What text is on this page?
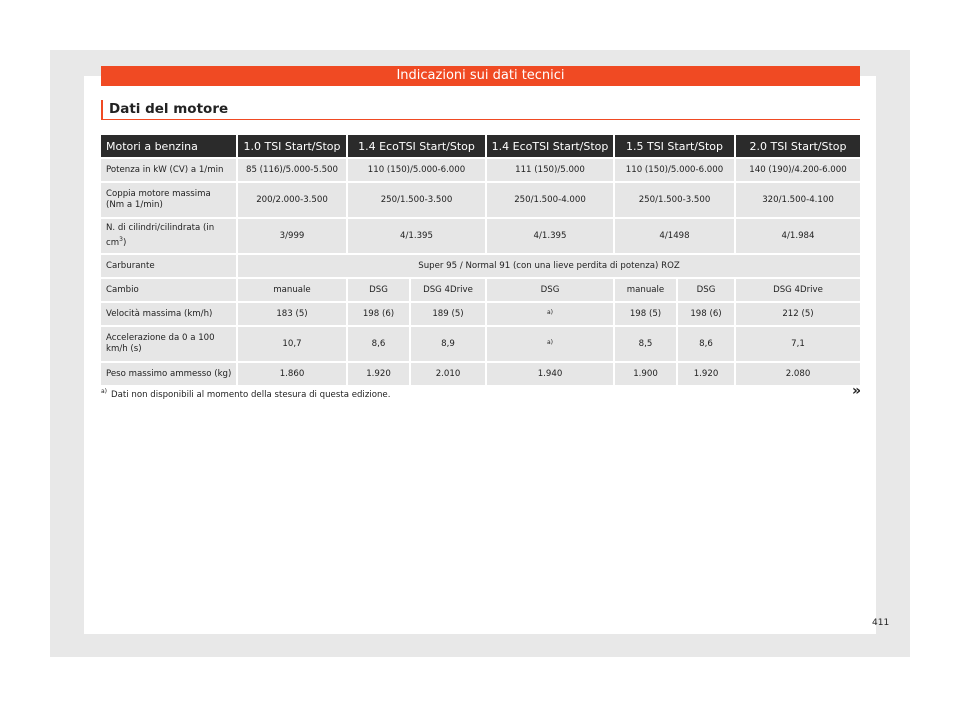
Indicazioni sui dati tecnici
Dati del motore
Motori a benzina	1.0 TSI Start/Stop	1.4 EcoTSI Start/Stop		1.4 EcoTSI Start/Stop	1.5 TSI Start/Stop		2.0 TSI Start/Stop
Potenza in kW (CV) a 1/min	85 (116)/5.000-5.500	110 (150)/5.000-6.000		111 (150)/5.000	110 (150)/5.000-6.000		140 (190)/4.200-6.000
Coppia motore massima
(Nm a 1/min)	200/2.000-3.500	250/1.500-3.500		250/1.500-4.000	250/1.500-3.500		320/1.500-4.100
N. di cilindri/cilindrata (in
$cm^3$)	3/999	4/1.395		4/1.395	4/1498		4/1.984
Carburante	Super 95 / Normal 91 (con una lieve perdita di potenza) ROZ						
Cambio	manuale	DSG	DSG 4Drive	DSG	manuale	DSG	DSG 4Drive
Velocità massima (km/h)	183 (5)	198 (6)	189 (5)	$^{a)}$	198 (5)	198 (6)	212 (5)
Accelerazione da 0 a 100
km/h (s)	10,7	8,6	8,9	$^{a)}$	8,5	8,6	7,1
Peso massimo ammesso (kg)	1.860	1.920	2.010	1.940	1.900	1.920	2.080
$^{a)}$ Dati non disponibili al momento della stesura di questa edizione.	»
411
